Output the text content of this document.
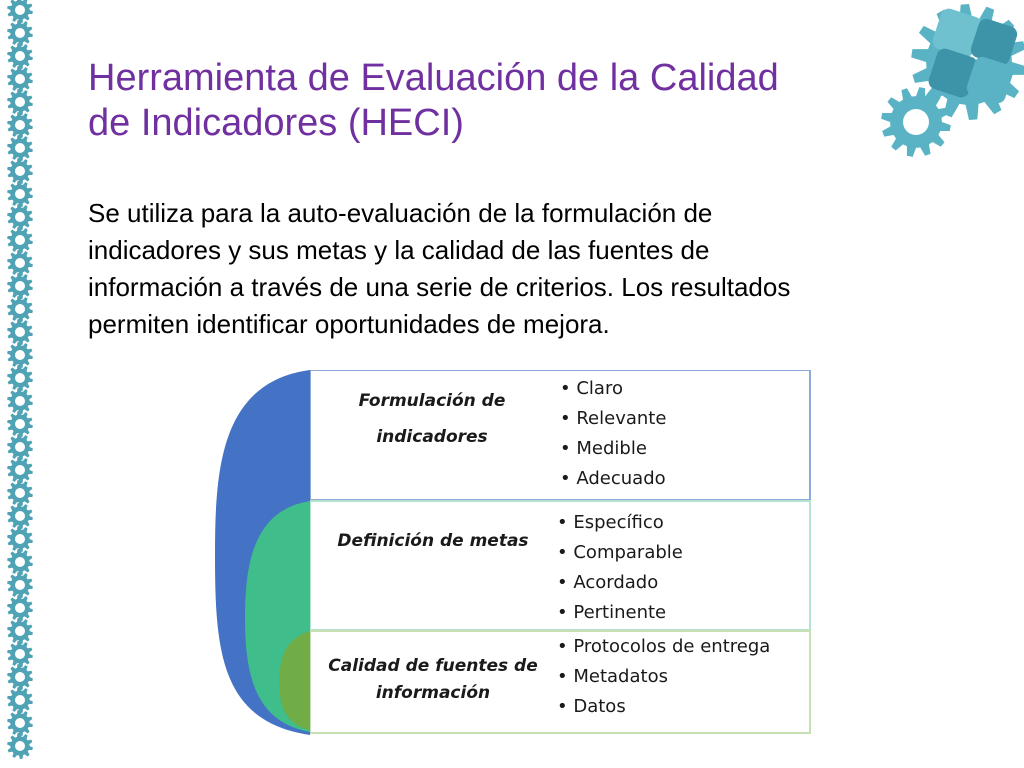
Herramienta de Evaluación de la Calidad
de Indicadores (HECI)

Se utiliza para la auto-evaluación de la formulación de
indicadores y sus metas y la calidad de las fuentes de
información a través de una serie de criterios. Los resultados
permiten identificar oportunidades de mejora.

Formulación de
indicadores
• Claro
• Relevante
• Medible
• Adecuado
Definición de metas
• Específico
• Comparable
• Acordado
• Pertinente
Calidad de fuentes de
información
• Protocolos de entrega
• Metadatos
• Datos
